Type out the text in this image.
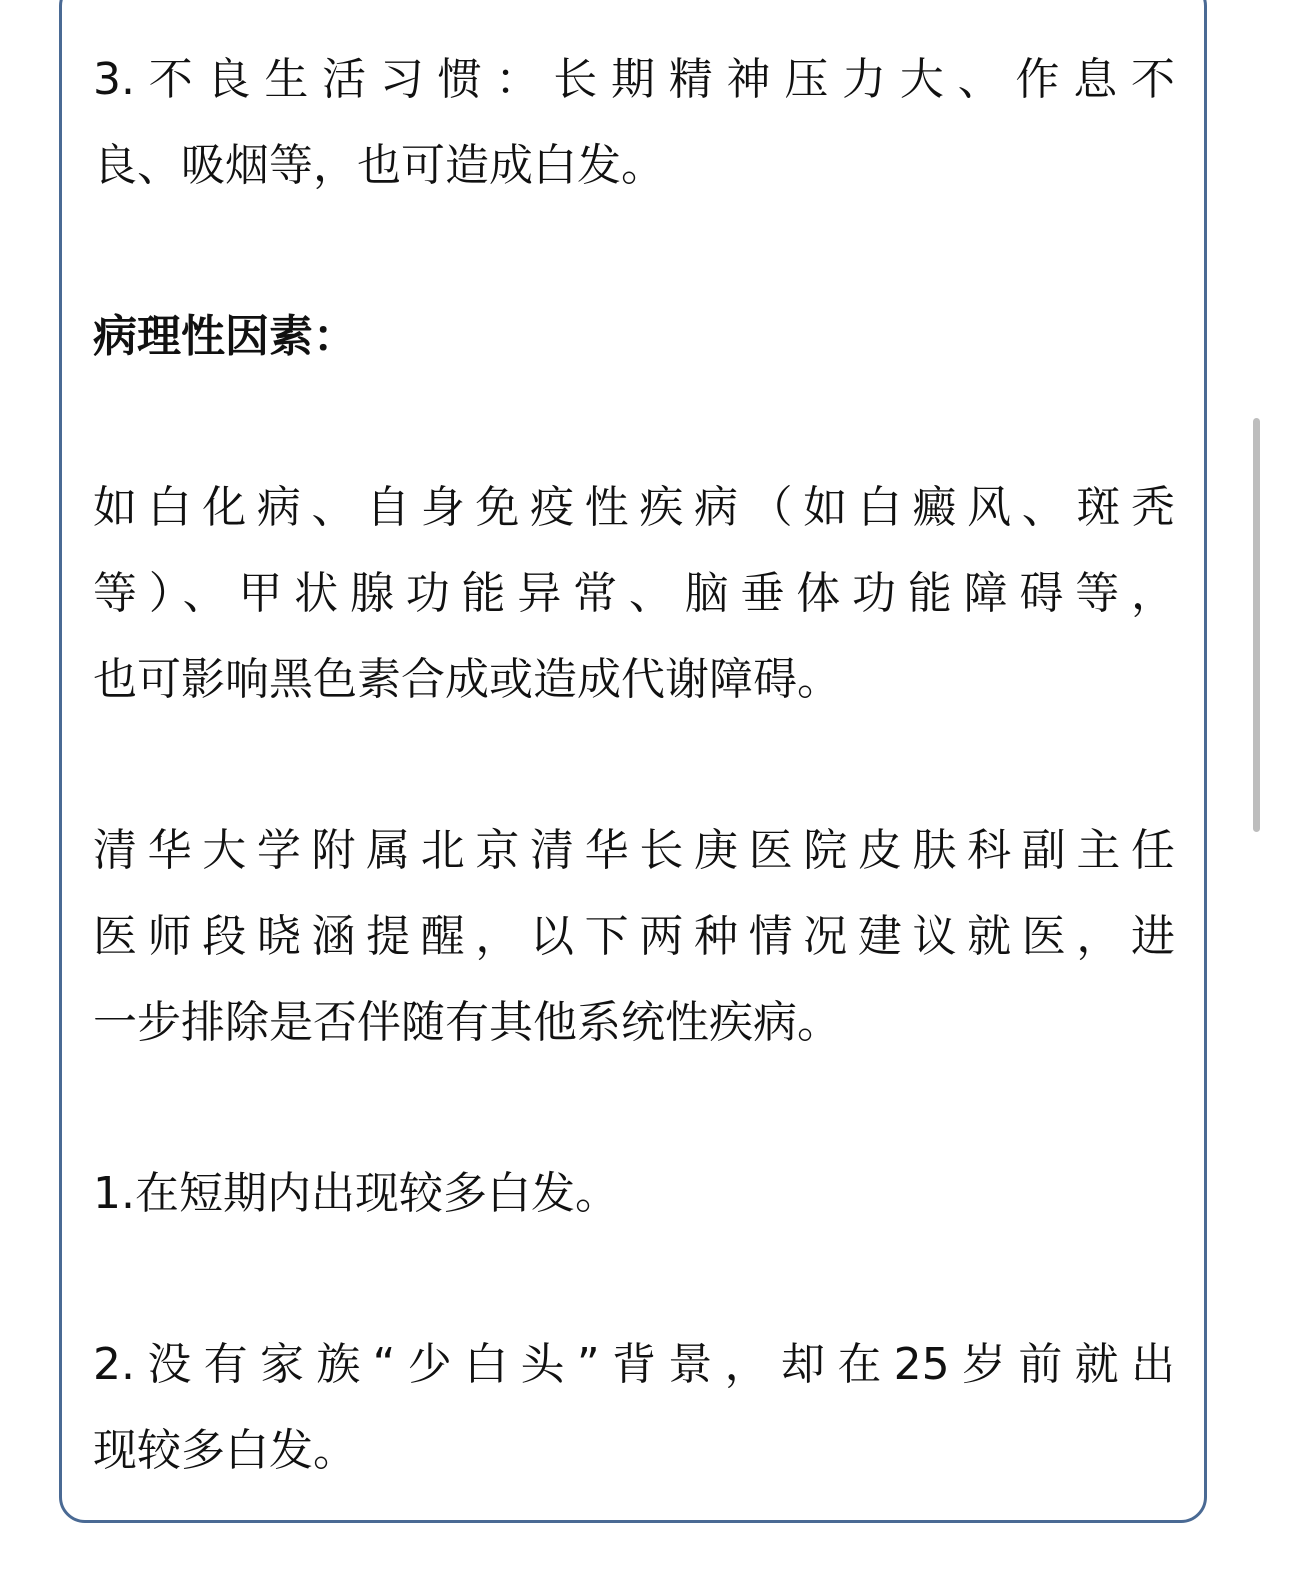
3.不良生活习惯：长期精神压力大、作息不
良、吸烟等，也可造成白发。
病理性因素：
如白化病、自身免疫性疾病（如白癜风、斑秃
等）、甲状腺功能异常、脑垂体功能障碍等，
也可影响黑色素合成或造成代谢障碍。
清华大学附属北京清华长庚医院皮肤科副主任
医师段晓涵提醒，以下两种情况建议就医，进
一步排除是否伴随有其他系统性疾病。
1.在短期内出现较多白发。
2.没有家族“少白头”背景，却在25岁前就出
现较多白发。
